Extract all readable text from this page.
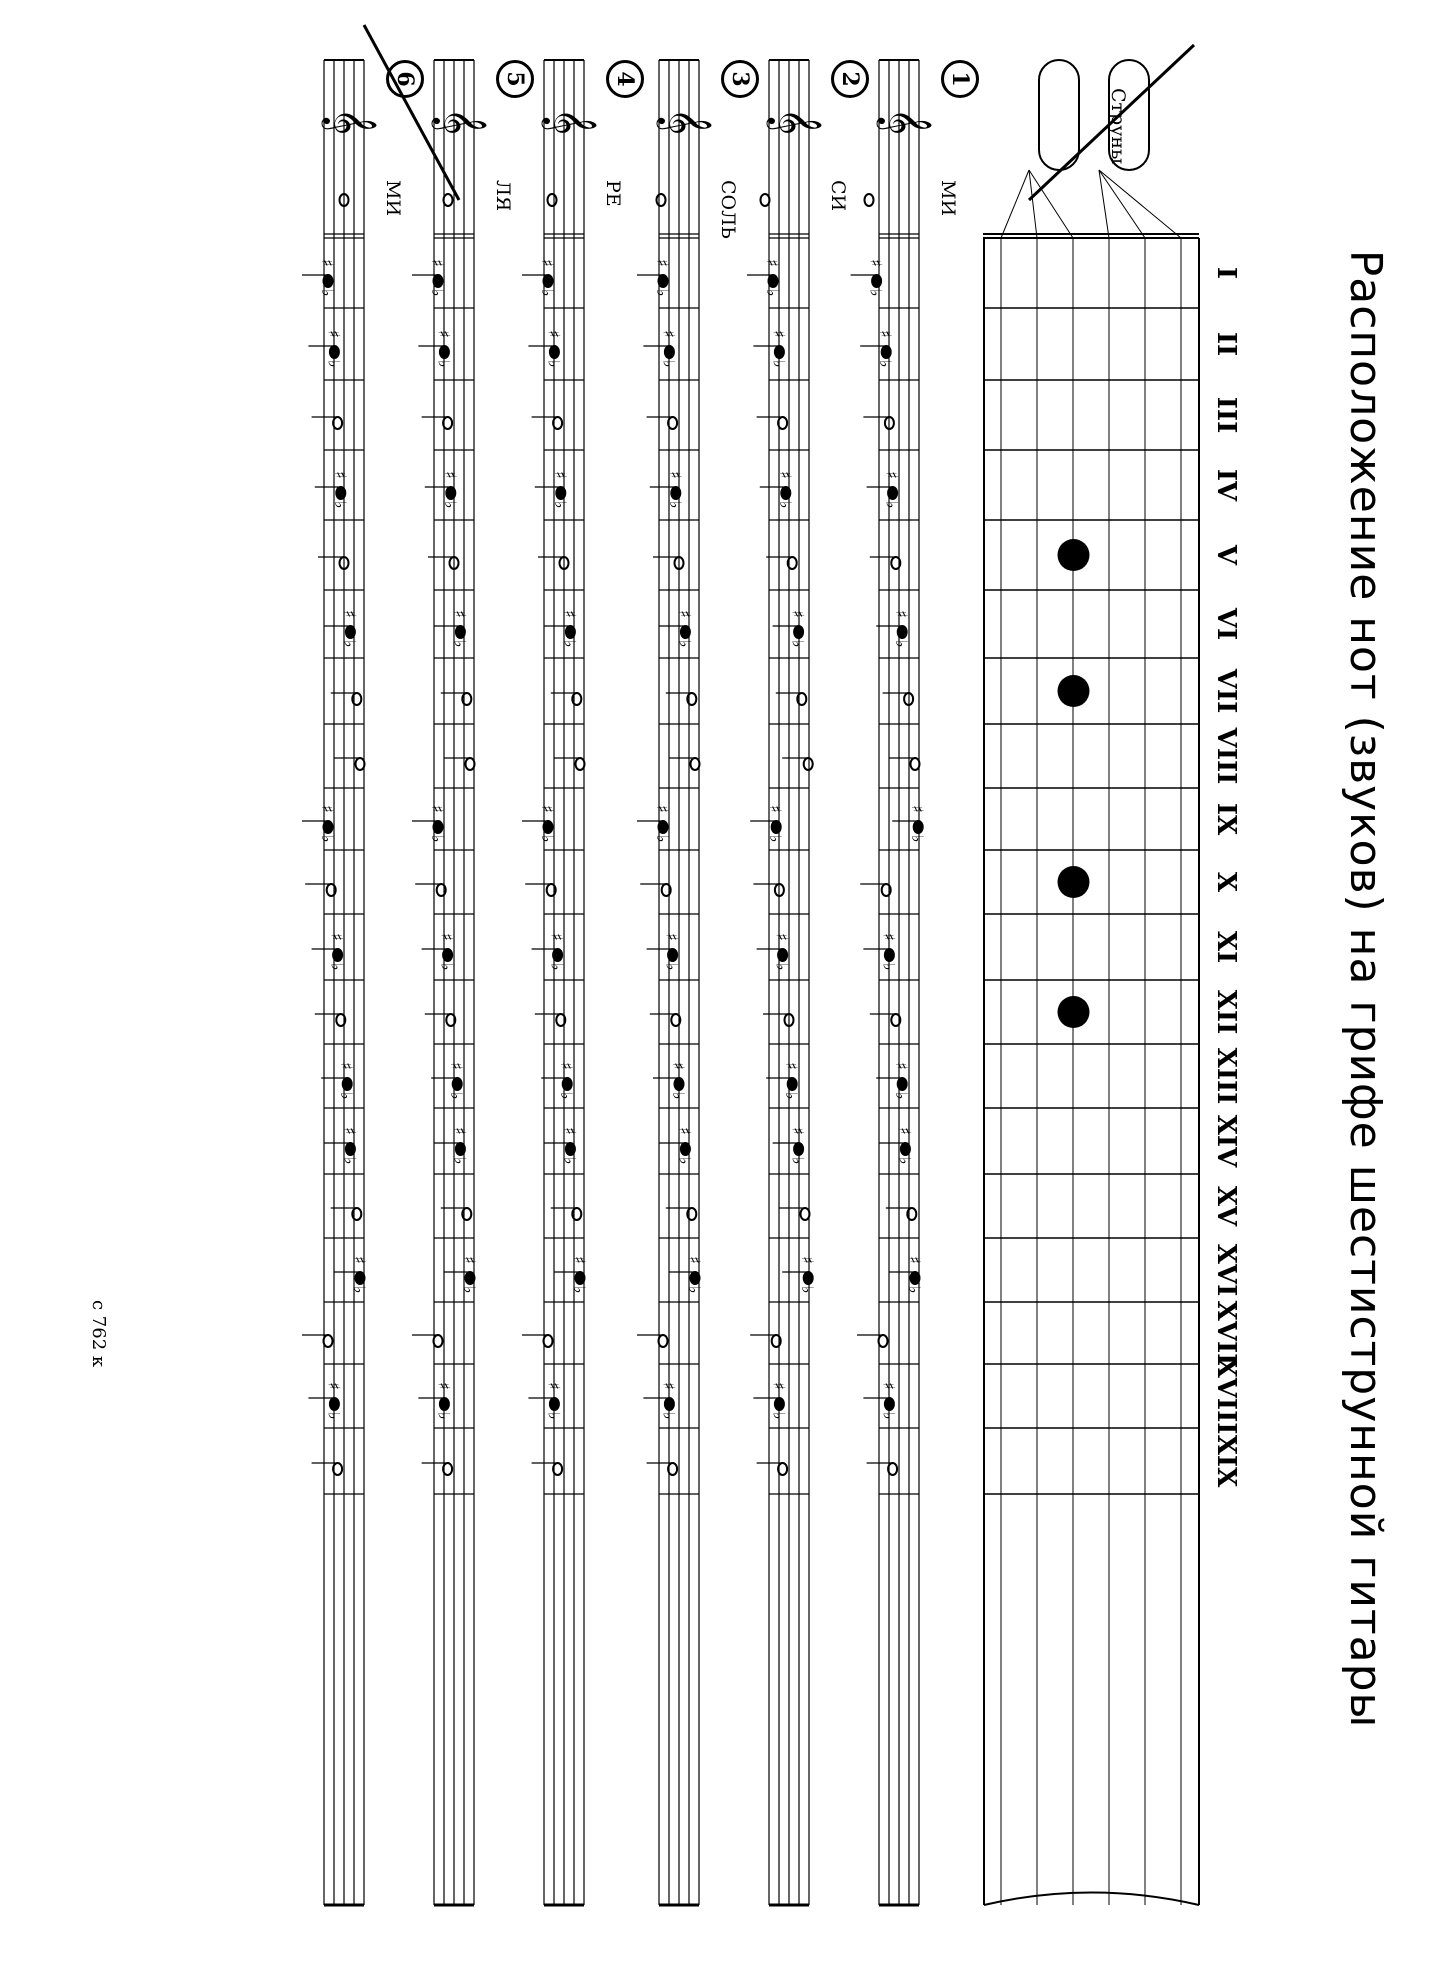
Расположение нот (звуков) на грифе шестиструнной гитары
I
II
III
IV
V
VI
VII
VIII
IX
X
XI
XII
XIII
XIV
XV
XVI
XVII
XVIII
XIX
♯
♭
♯
♭
♯
♭
♯
♭
♯
♭
♯
♭
♯
♭
♯
♭
♯
♭
♯
♭
♯
♭
♯
♭
♯
♭
♯
♭
♯
♭
♯
♭
♯
♭
♯
♭
♯
♭
♯
♭
♯
♭
♯
♭
♯
♭
♯
♭
♯
♭
♯
♭
♯
♭
♯
♭
♯
♭
♯
♭
♯
♭
♯
♭
♯
♭
♯
♭
♯
♭
♯
♭
♯
♭
♯
♭
♯
♭
♯
♭
♯
♭
♯
♭
♯
♭
♯
♭
♯
♭
♯
♭
♯
♭
♯
♭
♯
♭
♯
♭
♯
♭
♯
♭
♯
♭
♯
♭
♯
♭
♯
♭
♯
♭
♯
♭
♯
♭
♯
♭
Струны
1
𝄞
МИ
2
𝄞
СИ
3
𝄞
СОЛЬ
4
𝄞
РЕ
5
𝄞
ЛЯ
6
𝄞
МИ
с 762 к
